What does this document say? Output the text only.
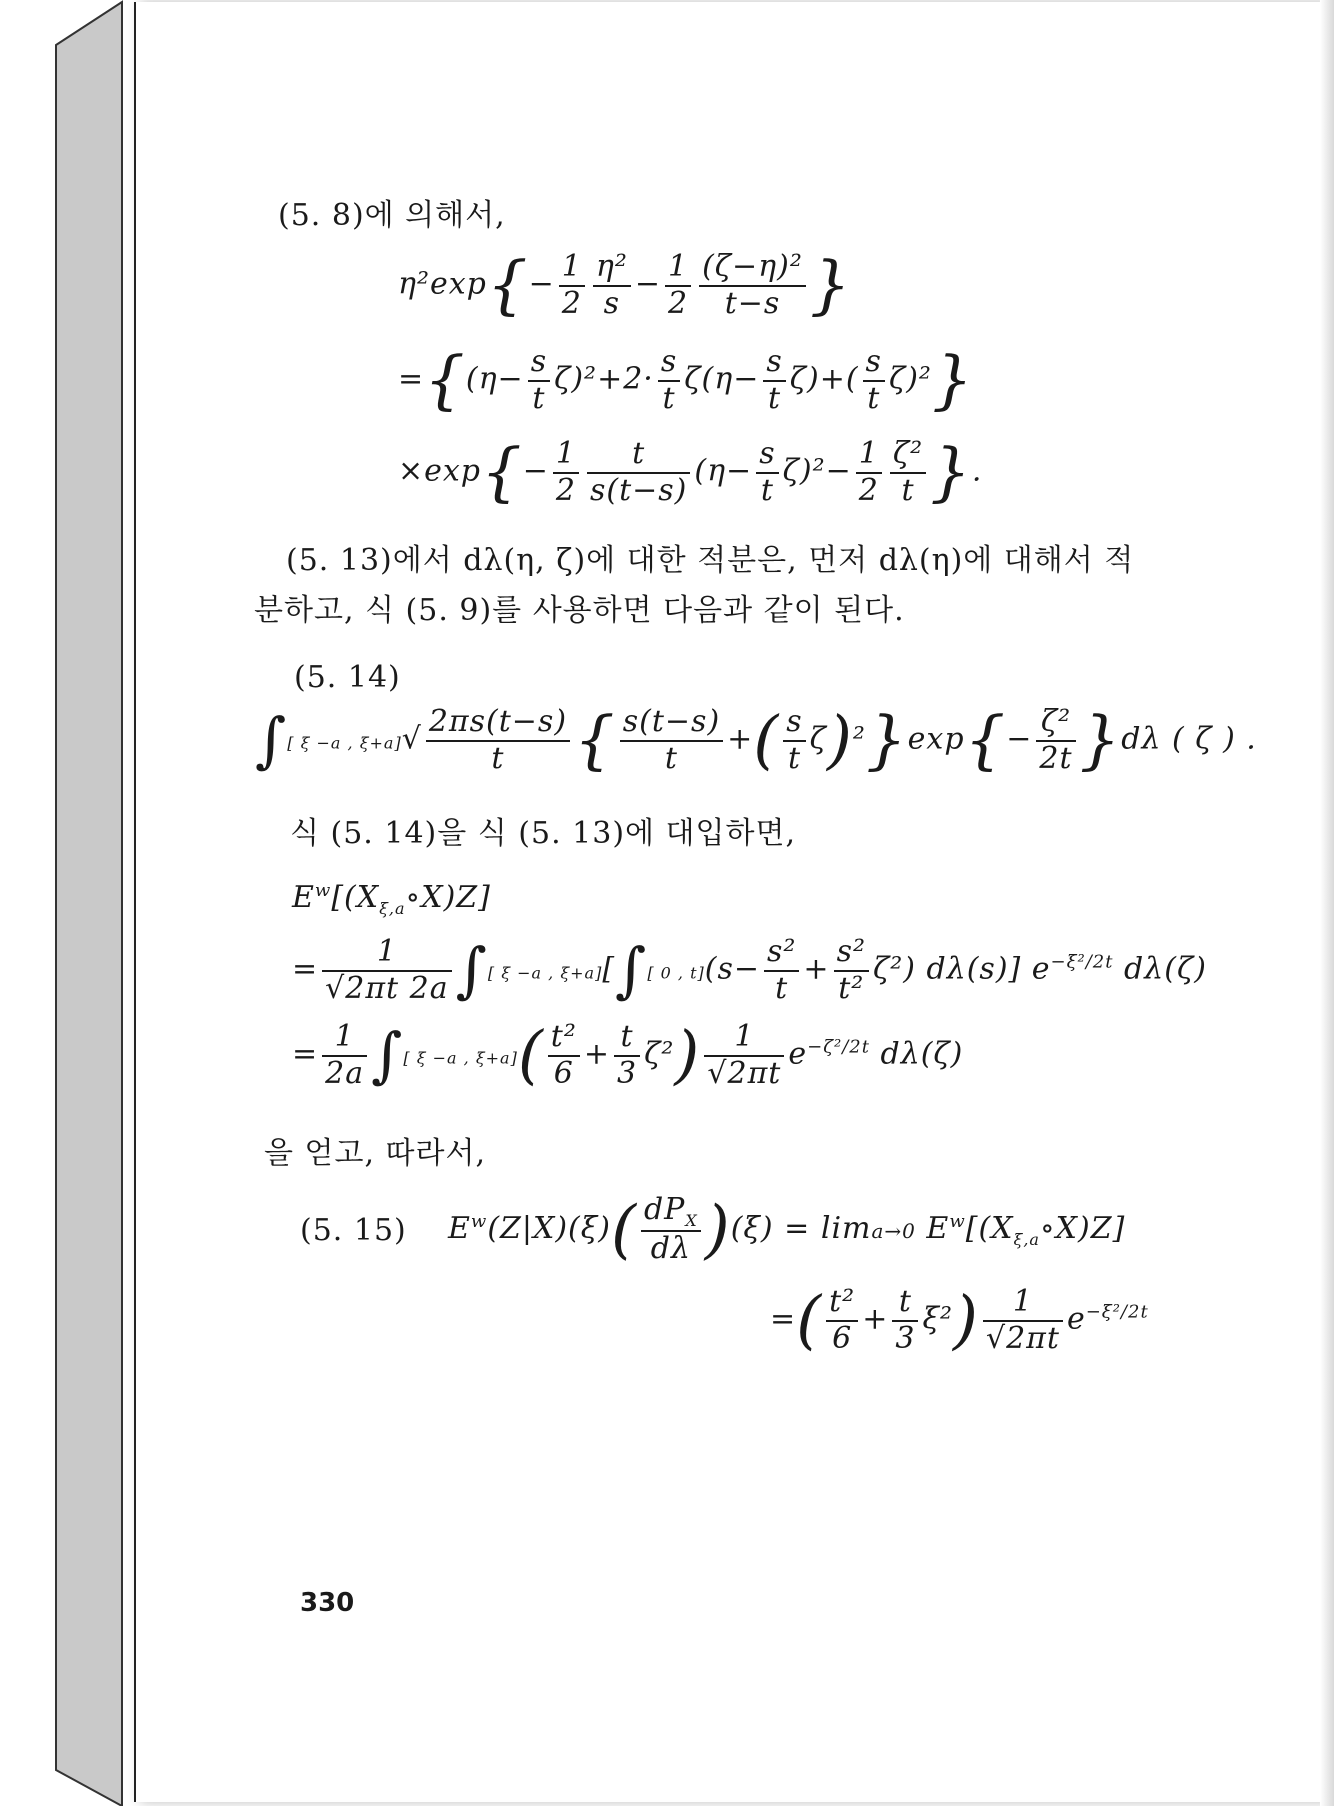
(5. 8)에 의해서,
$\eta^2\exp\{- \frac{1}{2} \frac{\text{η²}}{s} - \frac{1}{2} \frac{\text{(ζ−η)²}}{t-s}$ }
$=\{(\eta- \frac{s}{t} \zeta)^2+2\cdot \frac{s}{t} \zeta(\eta- \frac{s}{t} \zeta)+( \frac{s}{t} \zeta)^2\}$
$\times\exp\{- \frac{1}{2} \frac{t}{s(t-s)} (\eta- \frac{s}{t} \zeta)^2- \frac{1}{2} \frac{\text{ζ²}}{t}$ }.
(5. 13)에서 dλ(η, ζ)에 대한 적분은, 먼저 dλ(η)에 대해서 적
분하고, 식 (5. 9)를 사용하면 다음과 같이 된다.
(5. 14)
∫[ ξ −a , $\xi+a]√ \frac{2\pi s(t-s)}{t}$ { $\frac{s(t-s)}{t}$ +( $\frac{s}{t} \zeta)^2\}\exp\{- \frac{\text{ζ²}}{2t} \}d\lambda$ ( ζ ) .
식 (5. 14)을 식 (5. 13)에 대입하면,
$E^w[(X_{\xi,a}\circ X)Z]$
= $\frac{1}{√2\pi t 2a}$ ∫[ ξ −a , ξ+a][∫[ 0 , $t](s- \frac{\text{s²}}{t} + \frac{\text{s²}}{\text{t²}} \zeta^2)$ dλ(s)] $e^{-\xi^2/2t}$ dλ(ζ)
= $\frac{1}{2a}$ ∫[ ξ −a , $\xi+a]( \frac{\text{t²}}{6} + \frac{t}{3} \zeta^2) \frac{1}{√2\pi t} e^{-\zeta^2/2t}$ dλ(ζ)
을 얻고, 따라서,
(5. 15) $E^w(Z|X)(\xi)( \frac{dP_X}{d\lambda} )(\xi) = \lim a\to 0$ $E^w[(X_{\xi,a}\circ X)Z]$
=( $\frac{\text{t²}}{6} + \frac{t}{3} \xi^2) \frac{1}{√2\pi t} e^{-\xi^2/2t}$
330
